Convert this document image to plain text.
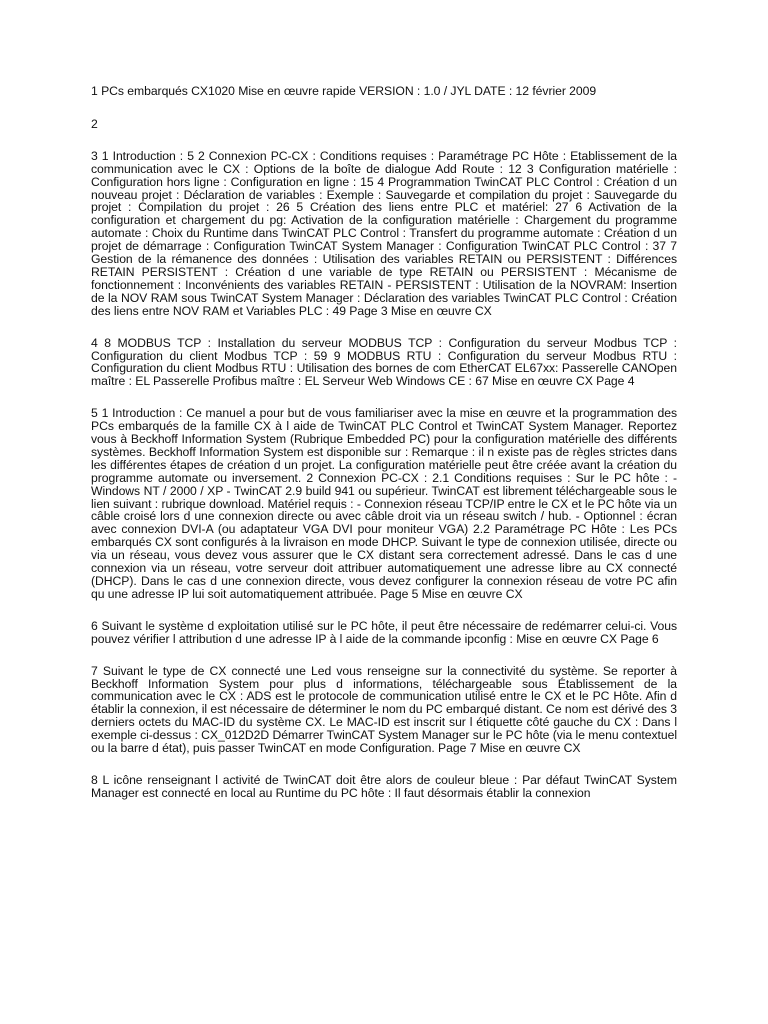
1 PCs embarqués CX1020 Mise en œuvre rapide VERSION : 1.0 / JYL DATE : 12 février 2009

2

3 1 Introduction : 5 2 Connexion PC-CX : Conditions requises : Paramétrage PC Hôte : Etablissement de la communication avec le CX : Options de la boîte de dialogue Add Route : 12 3 Configuration matérielle : Configuration hors ligne : Configuration en ligne : 15 4 Programmation TwinCAT PLC Control : Création d un nouveau projet : Déclaration de variables : Exemple : Sauvegarde et compilation du projet : Sauvegarde du projet : Compilation du projet : 26 5 Création des liens entre PLC et matériel: 27 6 Activation de la configuration et chargement du pg: Activation de la configuration matérielle : Chargement du programme automate : Choix du Runtime dans TwinCAT PLC Control : Transfert du programme automate : Création d un projet de démarrage : Configuration TwinCAT System Manager : Configuration TwinCAT PLC Control : 37 7 Gestion de la rémanence des données : Utilisation des variables RETAIN ou PERSISTENT : Différences RETAIN PERSISTENT : Création d une variable de type RETAIN ou PERSISTENT : Mécanisme de fonctionnement : Inconvénients des variables RETAIN - PERSISTENT : Utilisation de la NOVRAM: Insertion de la NOV RAM sous TwinCAT System Manager : Déclaration des variables TwinCAT PLC Control : Création des liens entre NOV RAM et Variables PLC : 49 Page 3 Mise en œuvre CX

4 8 MODBUS TCP : Installation du serveur MODBUS TCP : Configuration du serveur Modbus TCP : Configuration du client Modbus TCP : 59 9 MODBUS RTU : Configuration du serveur Modbus RTU : Configuration du client Modbus RTU : Utilisation des bornes de com EtherCAT EL67xx: Passerelle CANOpen maître : EL Passerelle Profibus maître : EL Serveur Web Windows CE : 67 Mise en œuvre CX Page 4

5 1 Introduction : Ce manuel a pour but de vous familiariser avec la mise en œuvre et la programmation des PCs embarqués de la famille CX à l aide de TwinCAT PLC Control et TwinCAT System Manager. Reportez vous à Beckhoff Information System (Rubrique Embedded PC) pour la configuration matérielle des différents systèmes. Beckhoff Information System est disponible sur : Remarque : il n existe pas de règles strictes dans les différentes étapes de création d un projet. La configuration matérielle peut être créée avant la création du programme automate ou inversement. 2 Connexion PC-CX : 2.1 Conditions requises : Sur le PC hôte : - Windows NT / 2000 / XP - TwinCAT 2.9 build 941 ou supérieur. TwinCAT est librement téléchargeable sous le lien suivant : rubrique download. Matériel requis : - Connexion réseau TCP/IP entre le CX et le PC hôte via un câble croisé lors d une connexion directe ou avec câble droit via un réseau switch / hub. - Optionnel : écran avec connexion DVI-A (ou adaptateur VGA DVI pour moniteur VGA) 2.2 Paramétrage PC Hôte : Les PCs embarqués CX sont configurés à la livraison en mode DHCP. Suivant le type de connexion utilisée, directe ou via un réseau, vous devez vous assurer que le CX distant sera correctement adressé. Dans le cas d une connexion via un réseau, votre serveur doit attribuer automatiquement une adresse libre au CX connecté (DHCP). Dans le cas d une connexion directe, vous devez configurer la connexion réseau de votre PC afin qu une adresse IP lui soit automatiquement attribuée. Page 5 Mise en œuvre CX

6 Suivant le système d exploitation utilisé sur le PC hôte, il peut être nécessaire de redémarrer celui-ci. Vous pouvez vérifier l attribution d une adresse IP à l aide de la commande ipconfig : Mise en œuvre CX Page 6

7 Suivant le type de CX connecté une Led vous renseigne sur la connectivité du système. Se reporter à Beckhoff Information System pour plus d informations, téléchargeable sous Établissement de la communication avec le CX : ADS est le protocole de communication utilisé entre le CX et le PC Hôte. Afin d établir la connexion, il est nécessaire de déterminer le nom du PC embarqué distant. Ce nom est dérivé des 3 derniers octets du MAC-ID du système CX. Le MAC-ID est inscrit sur l étiquette côté gauche du CX : Dans l exemple ci-dessus : CX_012D2D Démarrer TwinCAT System Manager sur le PC hôte (via le menu contextuel ou la barre d état), puis passer TwinCAT en mode Configuration. Page 7 Mise en œuvre CX

8 L icône renseignant l activité de TwinCAT doit être alors de couleur bleue : Par défaut TwinCAT System Manager est connecté en local au Runtime du PC hôte : Il faut désormais établir la connexion
